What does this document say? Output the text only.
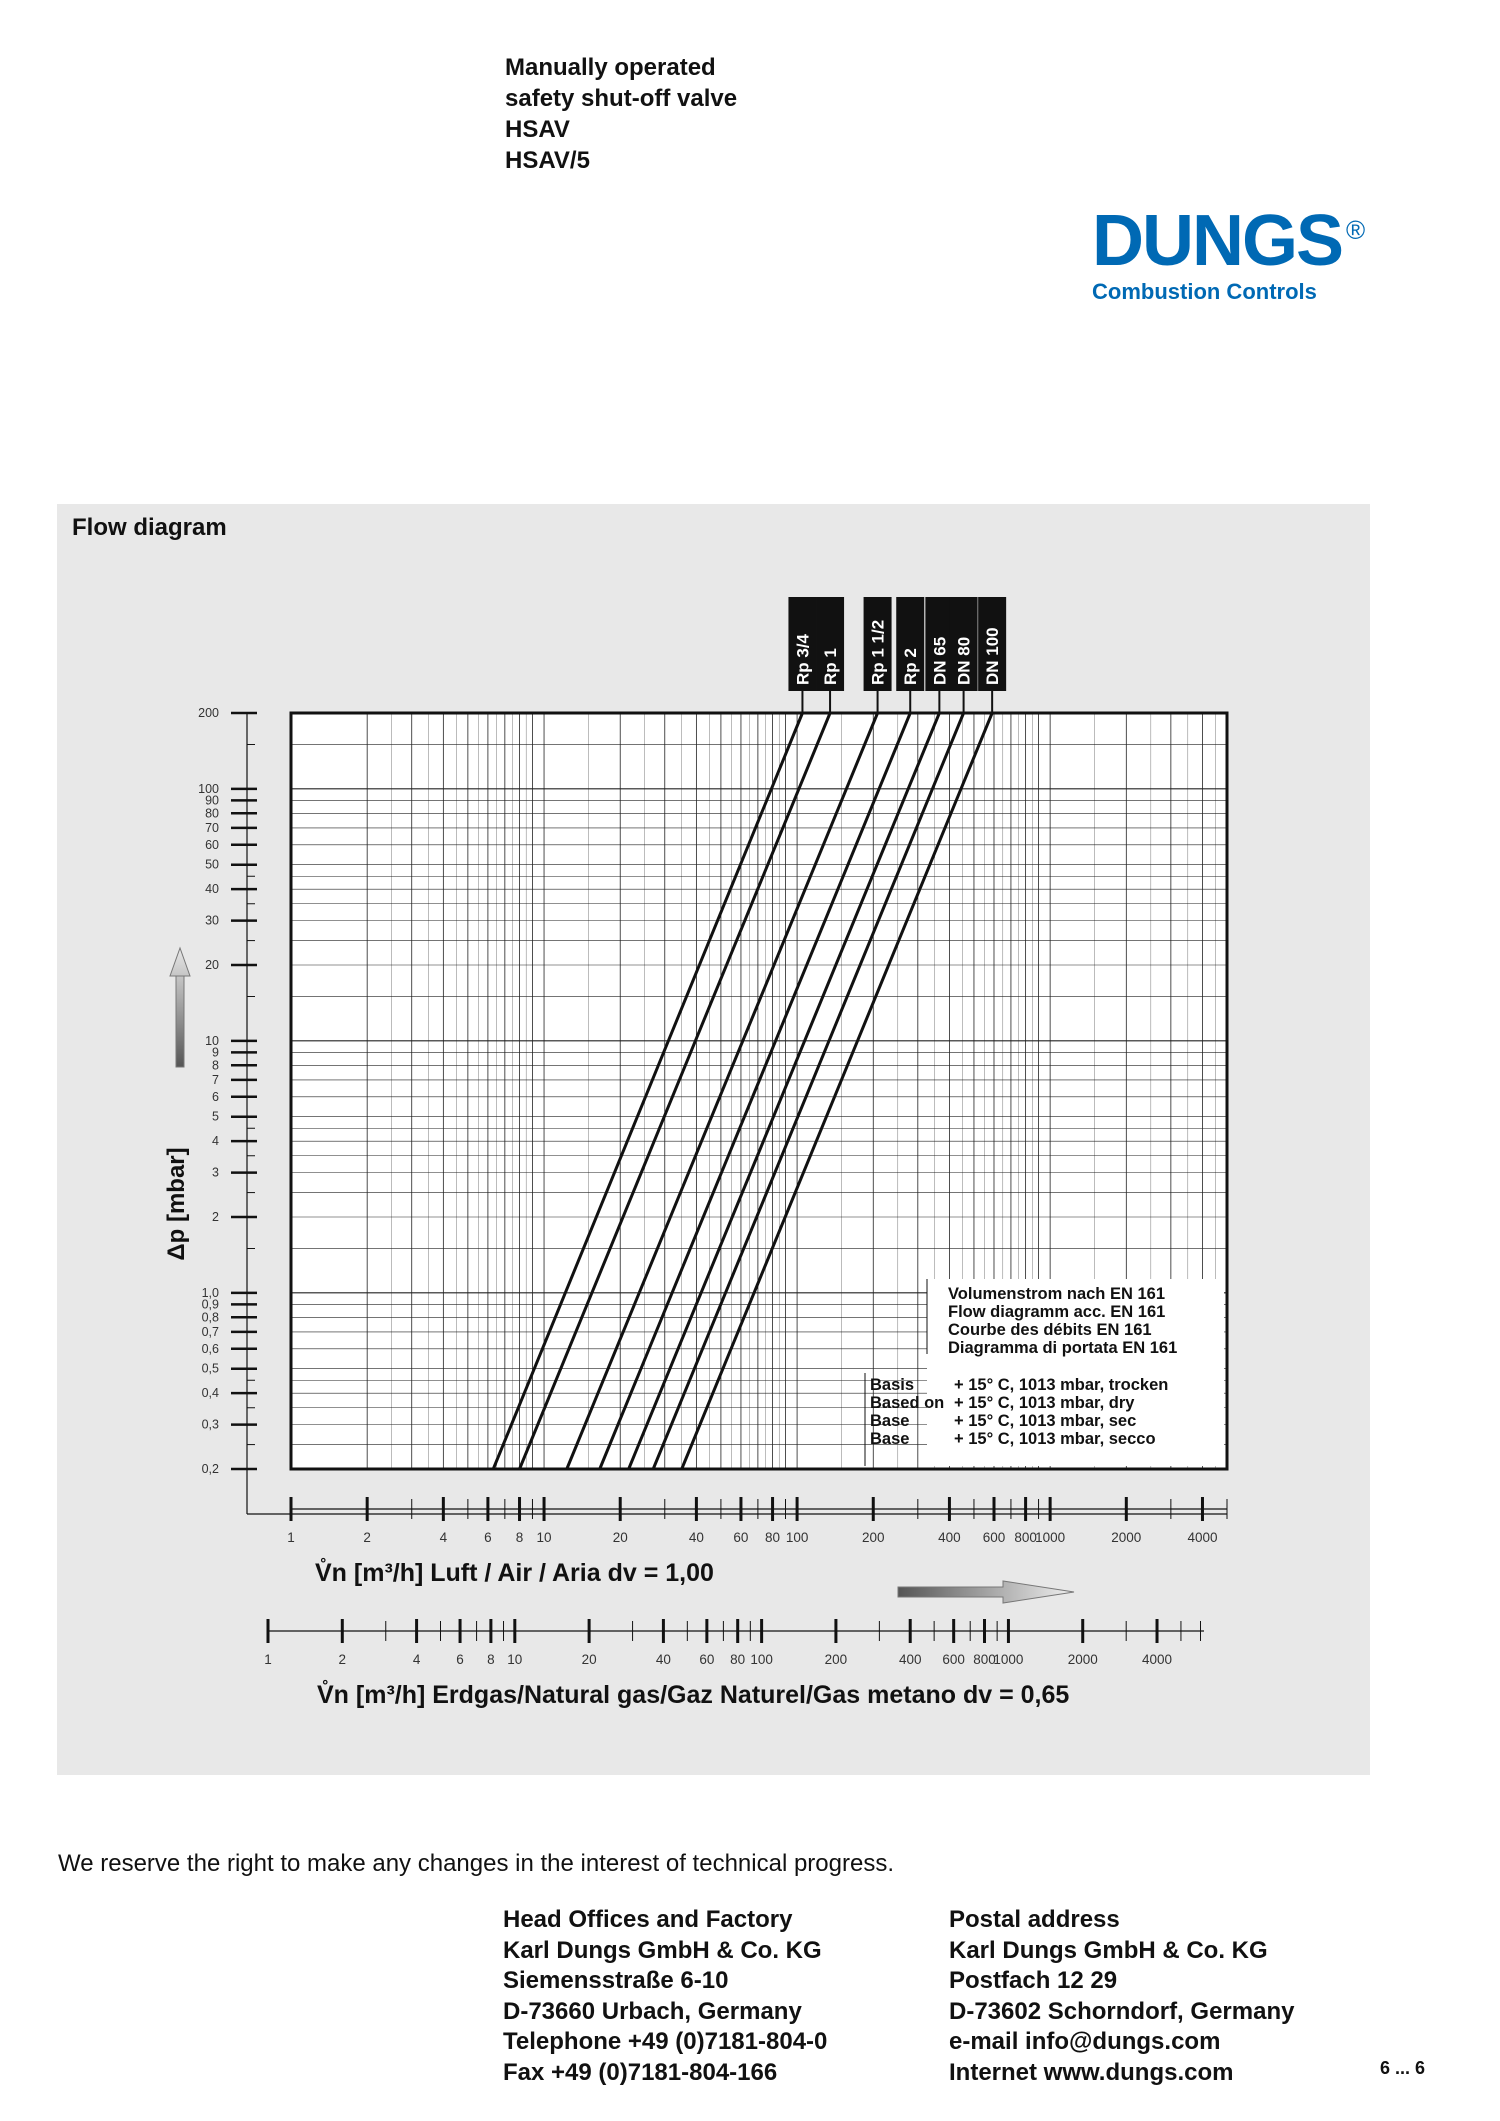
Manually operated
safety shut-off valve
HSAV
HSAV/5
DUNGS ®
Combustion Controls
Flow diagram
Rp 3/4 Rp 1 Rp 1 1/2 Rp 2 DN 65 DN 80 DN 100
200
100
90
80
70
60
50
40
30
20
10
9
8
7
6
5
4
3
2
1,0
0,9
0,8
0,7
0,6
0,5
0,4
0,3
0,2
Δp [mbar]
Volumenstrom nach EN 161
Flow diagramm acc. EN 161
Courbe des débits EN 161
Diagramma di portata EN 161
Basis + 15° C, 1013 mbar, trocken
Based on + 15° C, 1013 mbar, dry
Base	+ 15° C, 1013 mbar, sec
Base	+ 15° C, 1013 mbar, secco
1	2	4	6 8 10	20	40 60 80 100	200	400 600 800
1000	2000	4000
V̊n [m³/h] Luft / Air / Aria dv = 1,00
1	2	4	6 8 10	20	40 60 80 100	200	400 600 800
1000	2000	4000
V̊n [m³/h] Erdgas/Natural gas/Gaz Naturel/Gas metano dv = 0,65
We reserve the right to make any changes in the interest of technical progress.
Head Offices and Factory
Karl Dungs GmbH & Co. KG
Siemensstraße 6-10
D-73660 Urbach, Germany
Telephone +49 (0)7181-804-0
Fax +49 (0)7181-804-166
Postal address
Karl Dungs GmbH & Co. KG
Postfach 12 29
D-73602 Schorndorf, Germany
e-mail info@dungs.com
Internet www.dungs.com	6 ... 6
